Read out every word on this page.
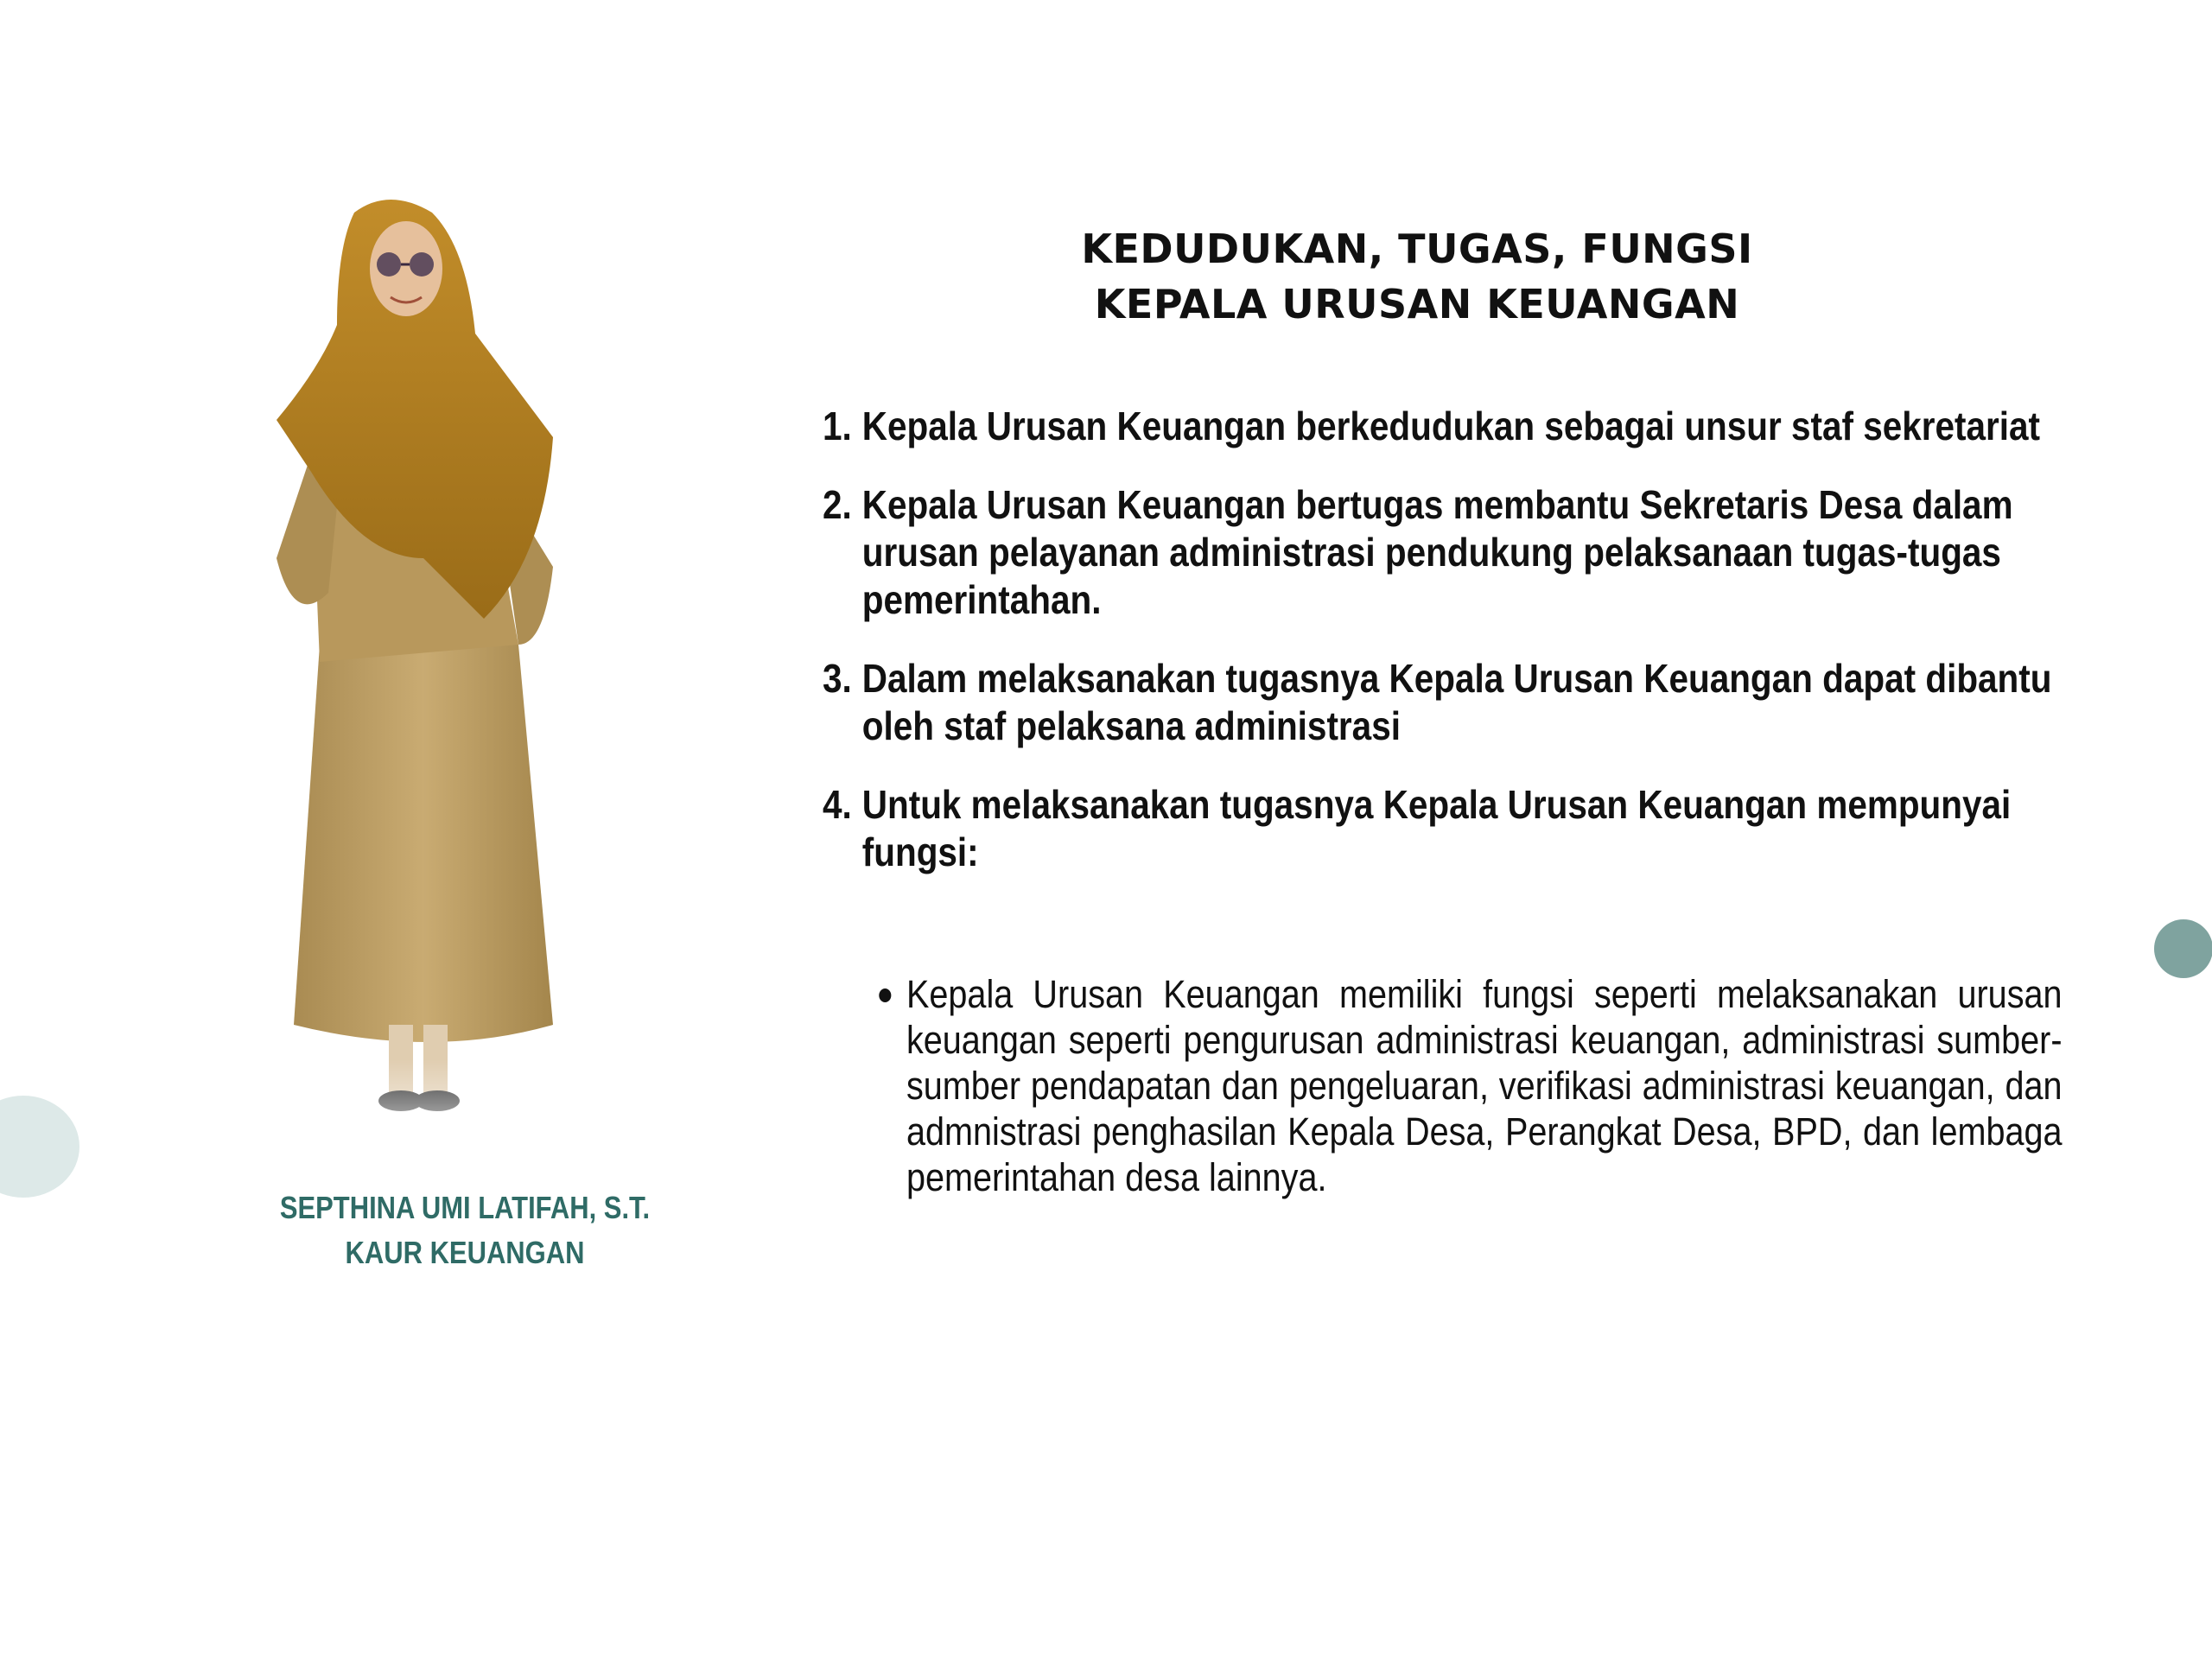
SEPTHINA UMI LATIFAH, S.T.
KAUR KEUANGAN
KEDUDUKAN, TUGAS, FUNGSI
KEPALA URUSAN KEUANGAN
1. Kepala Urusan Keuangan berkedudukan sebagai unsur staf sekretariat
2. Kepala Urusan Keuangan bertugas membantu Sekretaris Desa dalam urusan pelayanan administrasi pendukung pelaksanaan tugas-tugas pemerintahan.
3. Dalam melaksanakan tugasnya Kepala Urusan Keuangan dapat dibantu oleh staf pelaksana administrasi
4. Untuk melaksanakan tugasnya Kepala Urusan Keuangan mempunyai fungsi:
Kepala Urusan Keuangan memiliki fungsi seperti melaksanakan urusan keuangan seperti pengurusan administrasi keuangan, administrasi sumber-sumber pendapatan dan pengeluaran, verifikasi administrasi keuangan, dan admnistrasi penghasilan Kepala Desa, Perangkat Desa, BPD, dan lembaga pemerintahan desa lainnya.
